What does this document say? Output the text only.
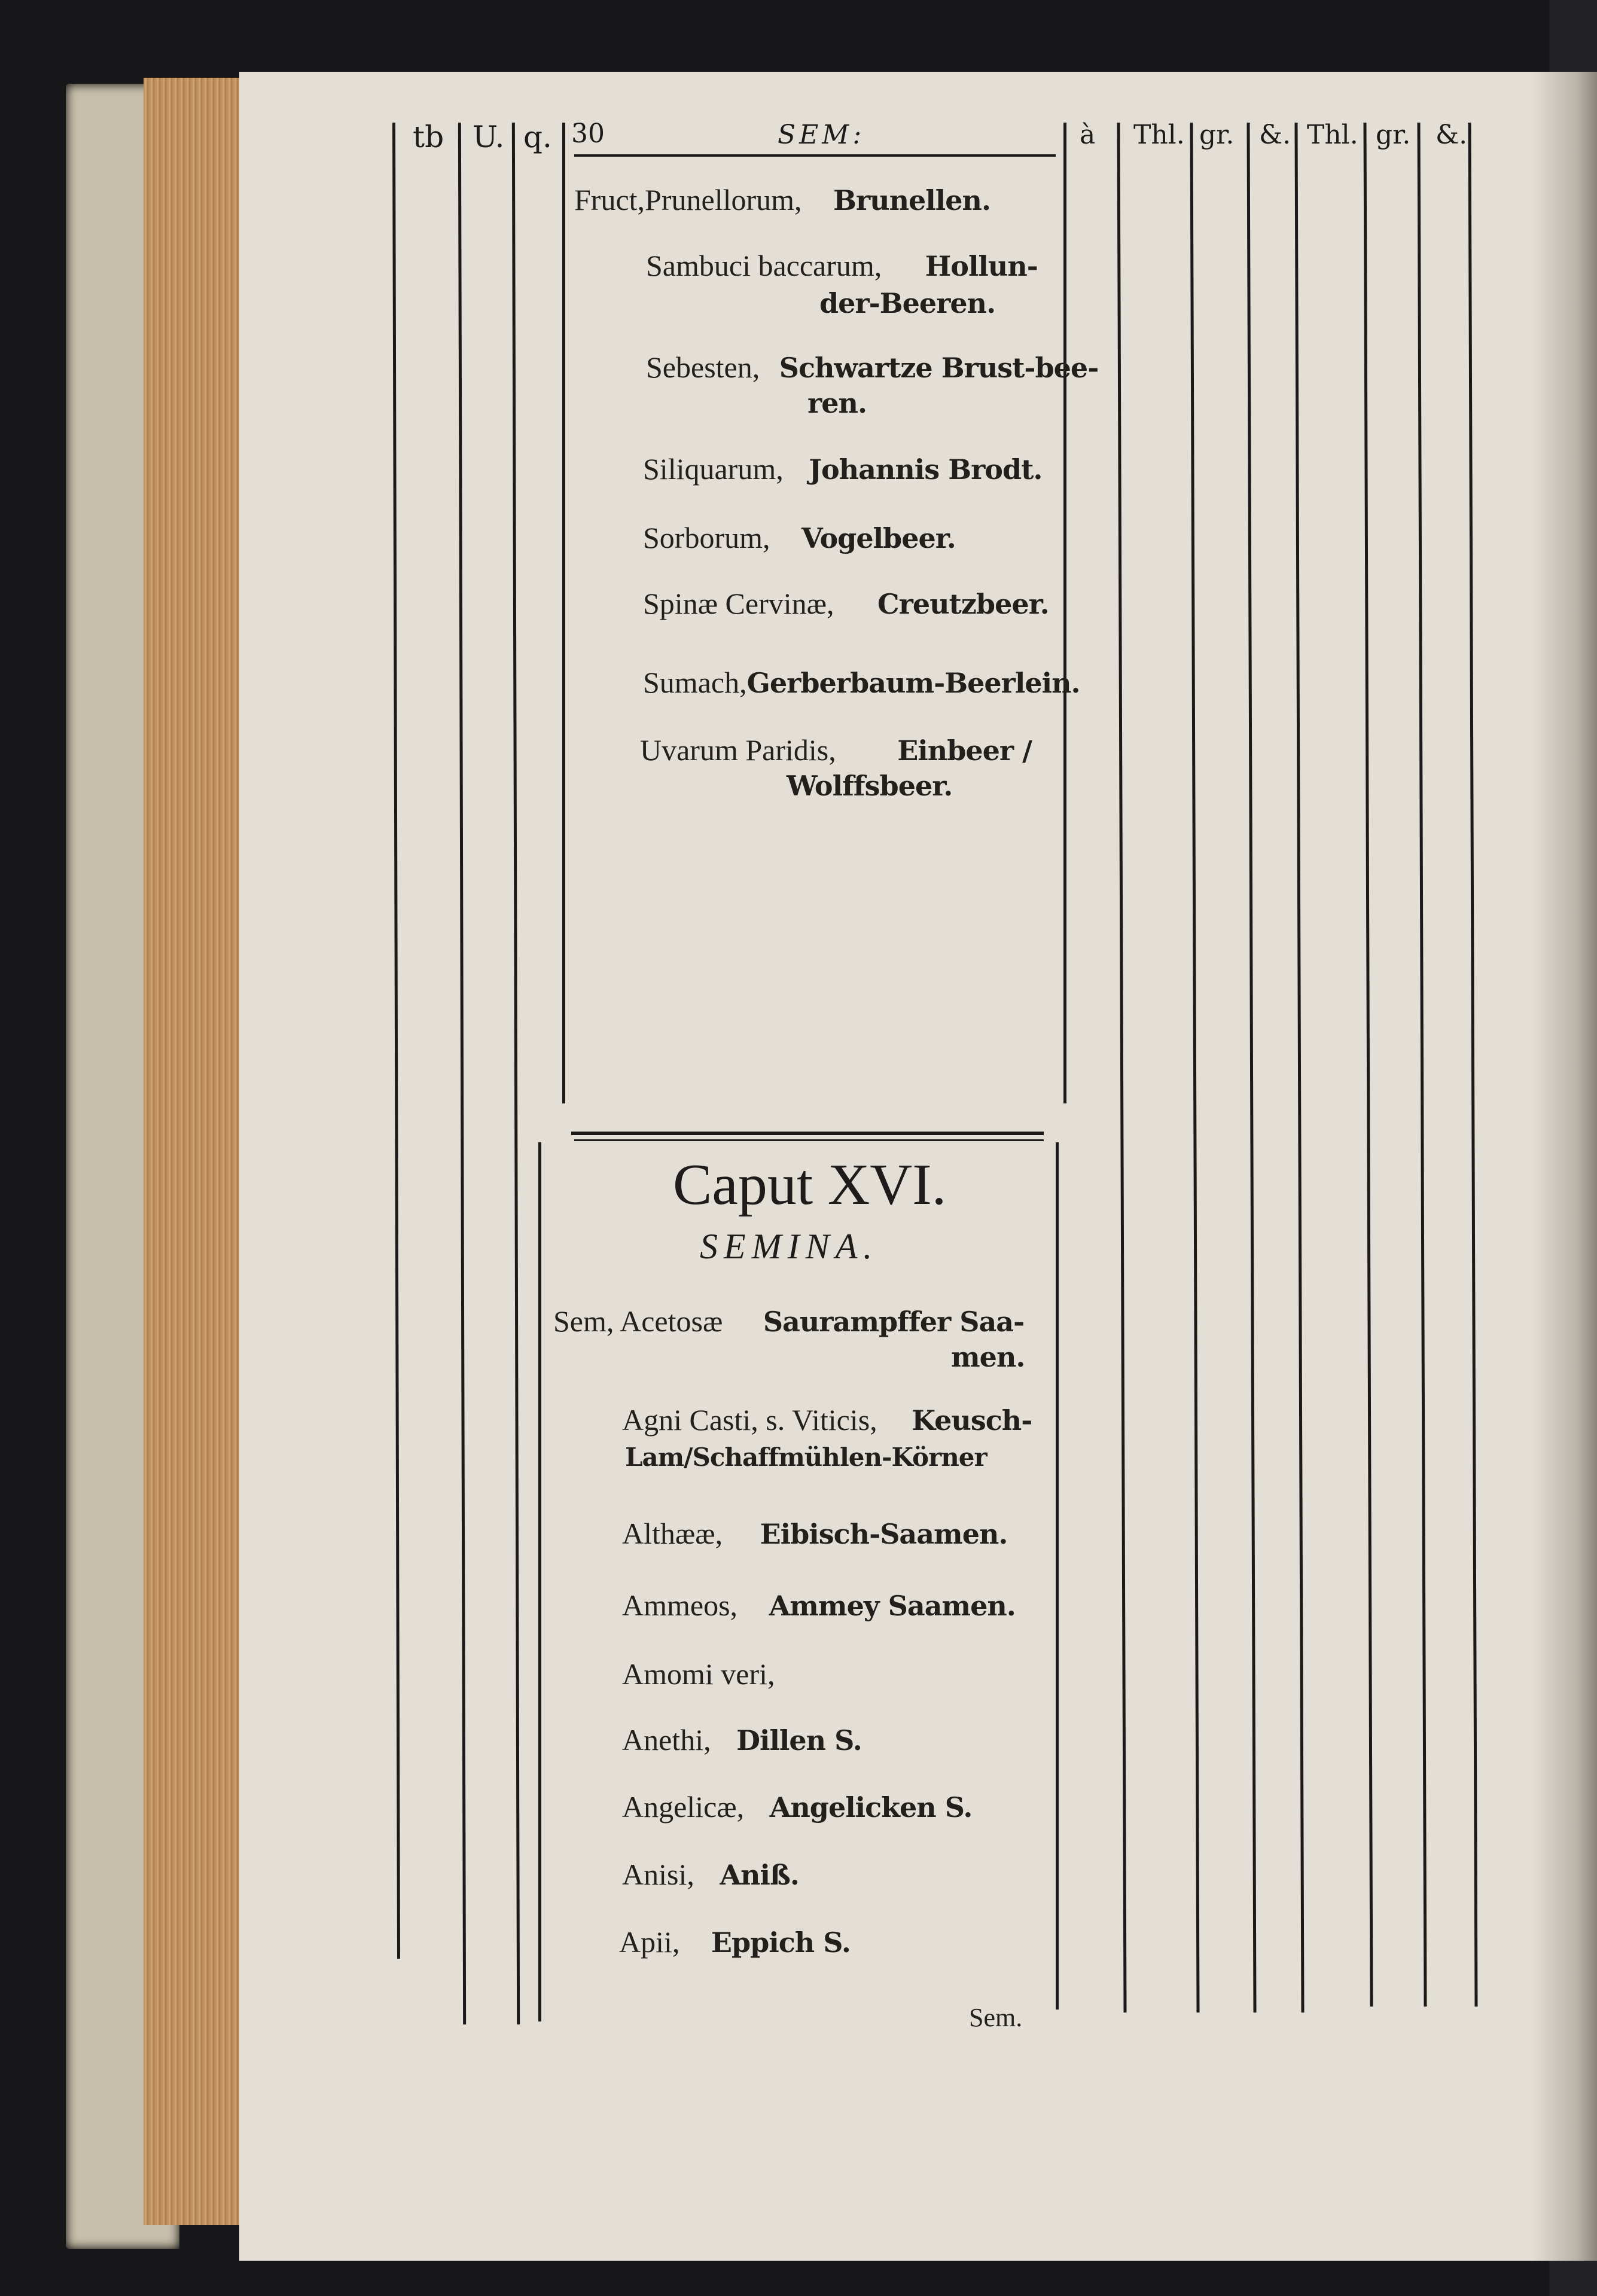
tb U. q. 30	SEM:	à Thl. gr. &. Thl. gr. &.
Fruct,Prunellorum, Brunellen.
Sambuci baccarum, Hollun-
der-Beeren.
Sebesten, Schwartze Brust-bee-
ren.
Siliquarum, Johannis Brodt.
Sorborum, Vogelbeer.
Spinæ Cervinæ, Creutzbeer.
Sumach,Gerberbaum-Beerlein.
Uvarum Paridis, Einbeer /
Wolffsbeer.
Caput XVI.
SEMINA.
Sem, Acetosæ Saurampffer Saa-
men.
Agni Casti, s. Viticis, Keusch-
Lam/Schaffmühlen-Körner
Althææ, Eibisch-Saamen.
Ammeos, Ammey Saamen.
Amomi veri,
Anethi, Dillen S.
Angelicæ, Angelicken S.
Anisi, Aniß.
Apii, Eppich S.
Sem.
